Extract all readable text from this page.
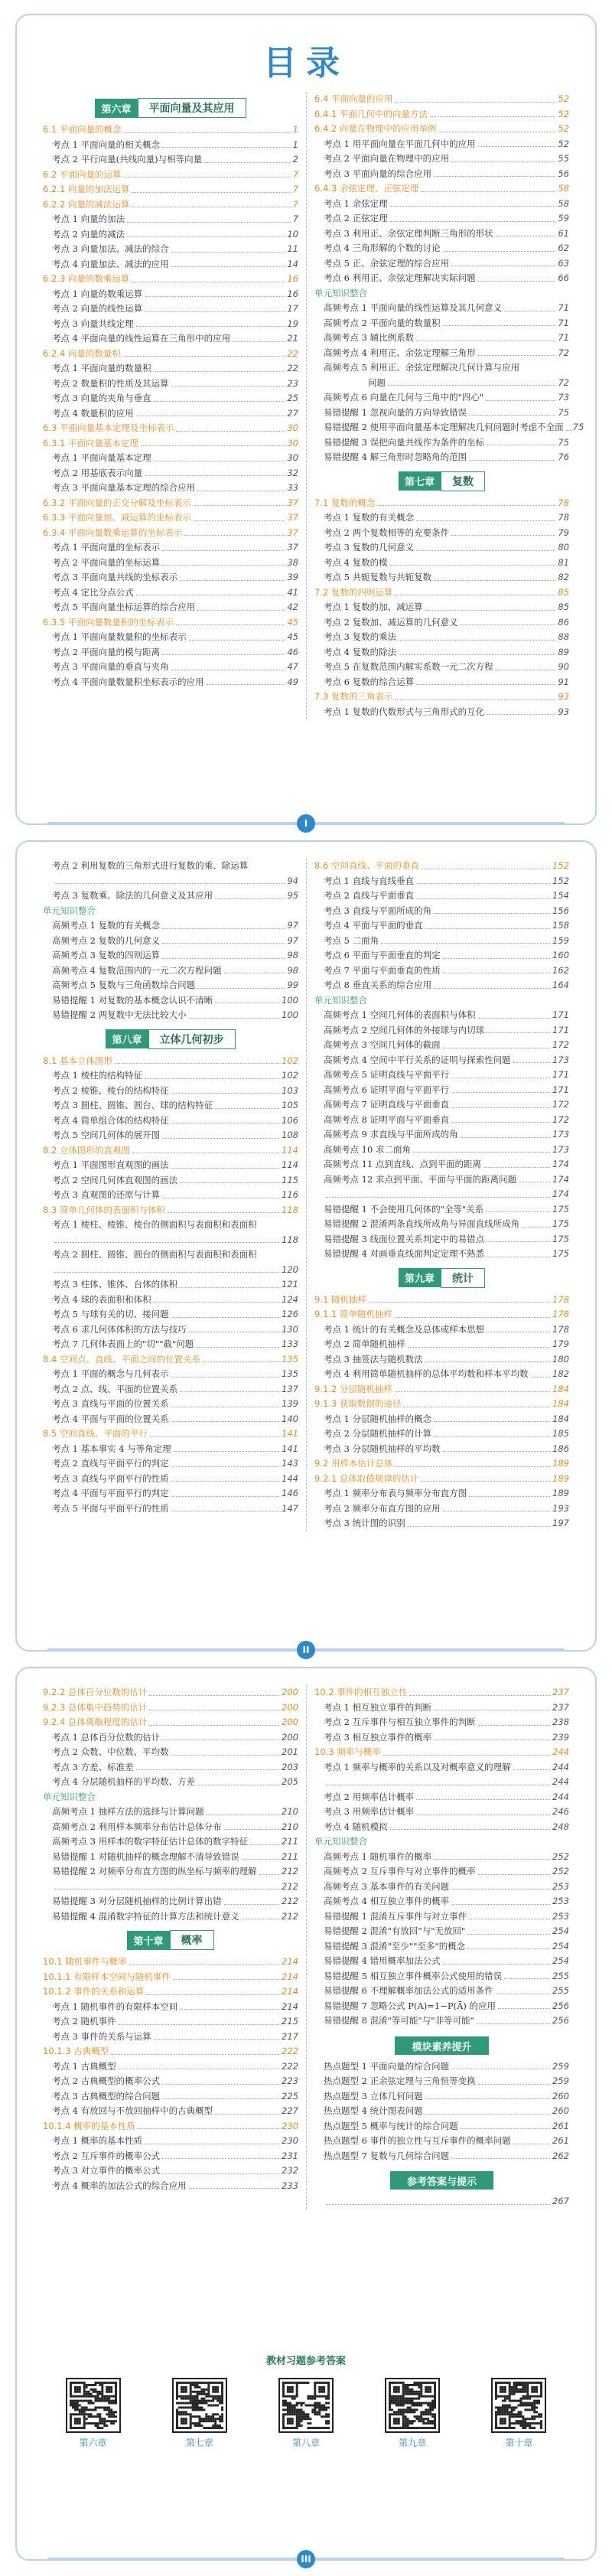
目录
第六章	平面向量及其应用
6.1 平面向量的概念	1
考点 1 平面向量的相关概念	1
考点 2 平行向量(共线向量)与相等向量	2
6.2 平面向量的运算	7
6.2.1 向量的加法运算	7
6.2.2 向量的减法运算	7
考点 1 向量的加法	7
考点 2 向量的减法	10
考点 3 向量加法、减法的综合	11
考点 4 向量加法、减法的应用	14
6.2.3 向量的数乘运算	16
考点 1 向量的数乘运算	16
考点 2 向量的线性运算	17
考点 3 向量共线定理	19
考点 4 平面向量的线性运算在三角形中的应用	21
6.2.4 向量的数量积	22
考点 1 平面向量的数量积	22
考点 2 数量积的性质及其运算	23
考点 3 向量的夹角与垂直	25
考点 4 数量积的应用	27
6.3 平面向量基本定理及坐标表示	30
6.3.1 平面向量基本定理	30
考点 1 平面向量基本定理	30
考点 2 用基底表示向量	32
考点 3 平面向量基本定理的综合应用	33
6.3.2 平面向量的正交分解及坐标表示	37
6.3.3 平面向量加、减运算的坐标表示	37
6.3.4 平面向量数乘运算的坐标表示	37
考点 1 平面向量的坐标表示	37
考点 2 平面向量的坐标运算	38
考点 3 平面向量共线的坐标表示	39
考点 4 定比分点公式	41
考点 5 平面向量坐标运算的综合应用	42
6.3.5 平面向量数量积的坐标表示	45
考点 1 平面向量数量积的坐标表示	45
考点 2 平面向量的模与距离	46
考点 3 平面向量的垂直与夹角	47
考点 4 平面向量数量积坐标表示的应用	49
6.4 平面向量的应用	52
6.4.1 平面几何中的向量方法	52
6.4.2 向量在物理中的应用举例	52
考点 1 用平面向量在平面几何中的应用	52
考点 2 平面向量在物理中的应用	55
考点 3 平面向量的综合应用	56
6.4.3 余弦定理、正弦定理	58
考点 1 余弦定理	58
考点 2 正弦定理	59
考点 3 利用正、余弦定理判断三角形的形状	61
考点 4 三角形解的个数的讨论	62
考点 5 正、余弦定理的综合应用	63
考点 6 利用正、余弦定理解决实际问题	66
单元知识整合
高频考点 1 平面向量的线性运算及其几何意义	71
高频考点 2 平面向量的数量积	71
高频考点 3 辅比例系数	71
高频考点 4 利用正、余弦定理解三角形	72
高频考点 5 利用正、余弦定理解决几何计算与应用
问题	72
高频考点 6 向量在几何与三角中的"四心"	73
易错提醒 1 忽视向量的方向导致错误	75
易错提醒 2 使用平面向量基本定理解决几何问题时考虑不全面 75
易错提醒 3 误把向量共线作为条件的坐标	75
易错提醒 4 解三角形时忽略角的范围	76
第七章	复数
7.1 复数的概念	78
考点 1 复数的有关概念	78
考点 2 两个复数相等的充要条件	79
考点 3 复数的几何意义	80
考点 4 复数的模	81
考点 5 共轭复数与共轭复数	82
7.2 复数的四则运算	85
考点 1 复数的加、减运算	85
考点 2 复数加、减运算的几何意义	86
考点 3 复数的乘法	88
考点 4 复数的除法	89
考点 5 在复数范围内解实系数一元二次方程	90
考点 6 复数的综合运算	91
7.3 复数的三角表示	93
考点 1 复数的代数形式与三角形式的互化	93
I
考点 2 利用复数的三角形式进行复数的乘、除运算
94
考点 3 复数乘、除法的几何意义及其应用	95
单元知识整合
高频考点 1 复数的有关概念	97
高频考点 2 复数的几何意义	97
高频考点 3 复数的四则运算	98
高频考点 4 复数范围内的一元二次方程问题	98
高频考点 5 复数与三角函数综合问题	99
易错提醒 1 对复数的基本概念认识不清晰	100
易错提醒 2 两复数中无法比较大小	100
第八章	立体几何初步
8.1 基本立体图形	102
考点 1 棱柱的结构特征	102
考点 2 棱锥、棱台的结构特征	103
考点 3 圆柱、圆锥、圆台、球的结构特征	105
考点 4 简单组合体的结构特征	106
考点 5 空间几何体的展开图	108
8.2 立体图形的直观图	114
考点 1 平面图形直观图的画法	114
考点 2 空间几何体直观图的画法	115
考点 3 直观图的还原与计算	116
8.3 简单几何体的表面积与体积	118
考点 1 棱柱、棱锥、棱台的侧面积与表面积和表面积
118
考点 2 圆柱、圆锥、圆台的侧面积与表面积和表面积
120
考点 3 柱体、锥体、台体的体积	121
考点 4 球的表面积和体积	124
考点 5 与球有关的切、接问题	126
考点 6 求几何体体积的方法与技巧	130
考点 7 几何体表面上的"切""截"问题	133
8.4 空间点、直线、平面之间的位置关系	135
考点 1 平面的概念与几何表示	135
考点 2 点、线、平面的位置关系	137
考点 3 直线与平面的位置关系	139
考点 4 平面与平面的位置关系	140
8.5 空间直线、平面的平行	141
考点 1 基本事实 4 与等角定理	141
考点 2 直线与平面平行的判定	143
考点 3 直线与平面平行的性质	144
考点 4 平面与平面平行的判定	146
考点 5 平面与平面平行的性质	147
8.6 空间直线、平面的垂直	152
考点 1 直线与直线垂直	152
考点 2 直线与平面垂直	154
考点 3 直线与平面所成的角	156
考点 4 平面与平面的垂直	158
考点 5 二面角	159
考点 6 平面与平面垂直的判定	160
考点 7 平面与平面垂直的性质	162
考点 8 垂直关系的综合应用	164
单元知识整合
高频考点 1 空间几何体的表面积与体积	171
高频考点 2 空间几何体的外接球与内切球	171
高频考点 3 空间几何体的截面	172
高频考点 4 空间中平行关系的证明与探索性问题	173
高频考点 5 证明直线与平面平行	171
高频考点 6 证明平面与平面平行	171
高频考点 7 证明直线与平面垂直	172
高频考点 8 证明平面与平面垂直	172
高频考点 9 求直线与平面所成的角	173
高频考点 10 求二面角	173
高频考点 11 点到直线、点到平面的距离	174
高频考点 12 求点到平面、平面与平面的距离问题	174
174
易错提醒 1 不会使用几何体的"全等"关系	175
易错提醒 2 混淆两条直线所成角与异面直线所成角	175
易错提醒 3 线面位置关系判定中的易错点	175
易错提醒 4 对画垂直线面判定定理不熟悉	175
第九章	统计
9.1 随机抽样	178
9.1.1 简单随机抽样	178
考点 1 统计的有关概念及总体或样本思想	178
考点 2 简单随机抽样	179
考点 3 抽签法与随机数法	180
考点 4 利用简单随机抽样的总体平均数和样本平均数	182
9.1.2 分层随机抽样	184
9.1.3 获取数据的途径	184
考点 1 分层随机抽样的概念	184
考点 2 分层随机抽样的计算	185
考点 3 分层随机抽样的平均数	186
9.2 用样本估计总体	189
9.2.1 总体取值规律的估计	189
考点 1 频率分布表与频率分布直方图	189
考点 2 频率分布直方图的应用	193
考点 3 统计图的识别	197
II
9.2.2 总体百分位数的估计	200
9.2.3 总体集中趋势的估计	200
9.2.4 总体离散程度的估计	200
考点 1 总体百分位数的估计	200
考点 2 众数、中位数、平均数	201
考点 3 方差、标准差	203
考点 4 分层随机抽样的平均数、方差	205
单元知识整合
高频考点 1 抽样方法的选择与计算问题	210
高频考点 2 利用样本频率分布估计总体分布	210
高频考点 3 用样本的数字特征估计总体的数字特征	211
易错提醒 1 对随机抽样的概念理解不清导致错误	211
易错提醒 2 对频率分布直方图的纵坐标与频率的理解	212
212
易错提醒 3 对分层随机抽样的比例计算出错	212
易错提醒 4 混淆数字特征的计算方法和统计意义	212
第十章	概率
10.1 随机事件与概率	214
10.1.1 有限样本空间与随机事件	214
10.1.2 事件的关系和运算	214
考点 1 随机事件的有限样本空间	214
考点 2 随机事件	215
考点 3 事件的关系与运算	217
10.1.3 古典概型	222
考点 1 古典概型	222
考点 2 古典概型的概率公式	223
考点 3 古典概型的综合问题	225
考点 4 有放回与不放回抽样中的古典概型	227
10.1.4 概率的基本性质	230
考点 1 概率的基本性质	230
考点 2 互斥事件的概率公式	231
考点 3 对立事件的概率公式	232
考点 4 概率的加法公式的综合应用	233
10.2 事件的相互独立性	237
考点 1 相互独立事件的判断	237
考点 2 互斥事件与相互独立事件的判断	238
考点 3 相互独立事件的概率	239
10.3 频率与概率	244
考点 1 频率与概率的关系以及对概率意义的理解	244
244
考点 2 用频率估计概率	244
考点 3 用频率估计概率	246
考点 4 随机模拟	248
单元知识整合
高频考点 1 随机事件的概率	252
高频考点 2 互斥事件与对立事件的概率	252
高频考点 3 基本事件的有关问题	253
高频考点 4 相互独立事件的概率	253
易错提醒 1 混淆互斥事件与对立事件	253
易错提醒 2 混淆"有放回"与"无放回"	254
易错提醒 3 混淆"至少""至多"的概念	254
易错提醒 4 错用概率加法公式	254
易错提醒 5 相互独立事件概率公式使用的错误	255
易错提醒 6 不理解概率加法公式的适用条件	255
易错提醒 7 忽略公式 P(A)=1−P(Ā) 的应用	256
易错提醒 8 混淆"等可能"与"非等可能"	256
模块素养提升
热点题型 1 平面向量的综合问题	259
热点题型 2 正余弦定理与三角恒等变换	259
热点题型 3 立体几何问题	260
热点题型 4 统计图表问题	260
热点题型 5 概率与统计的综合问题	261
热点题型 6 事件的独立性与互斥事件的概率问题	261
热点题型 7 复数与几何综合问题	262
参考答案与提示
267
教材习题参考答案
第六章	第七章	第八章	第九章	第十章
III
